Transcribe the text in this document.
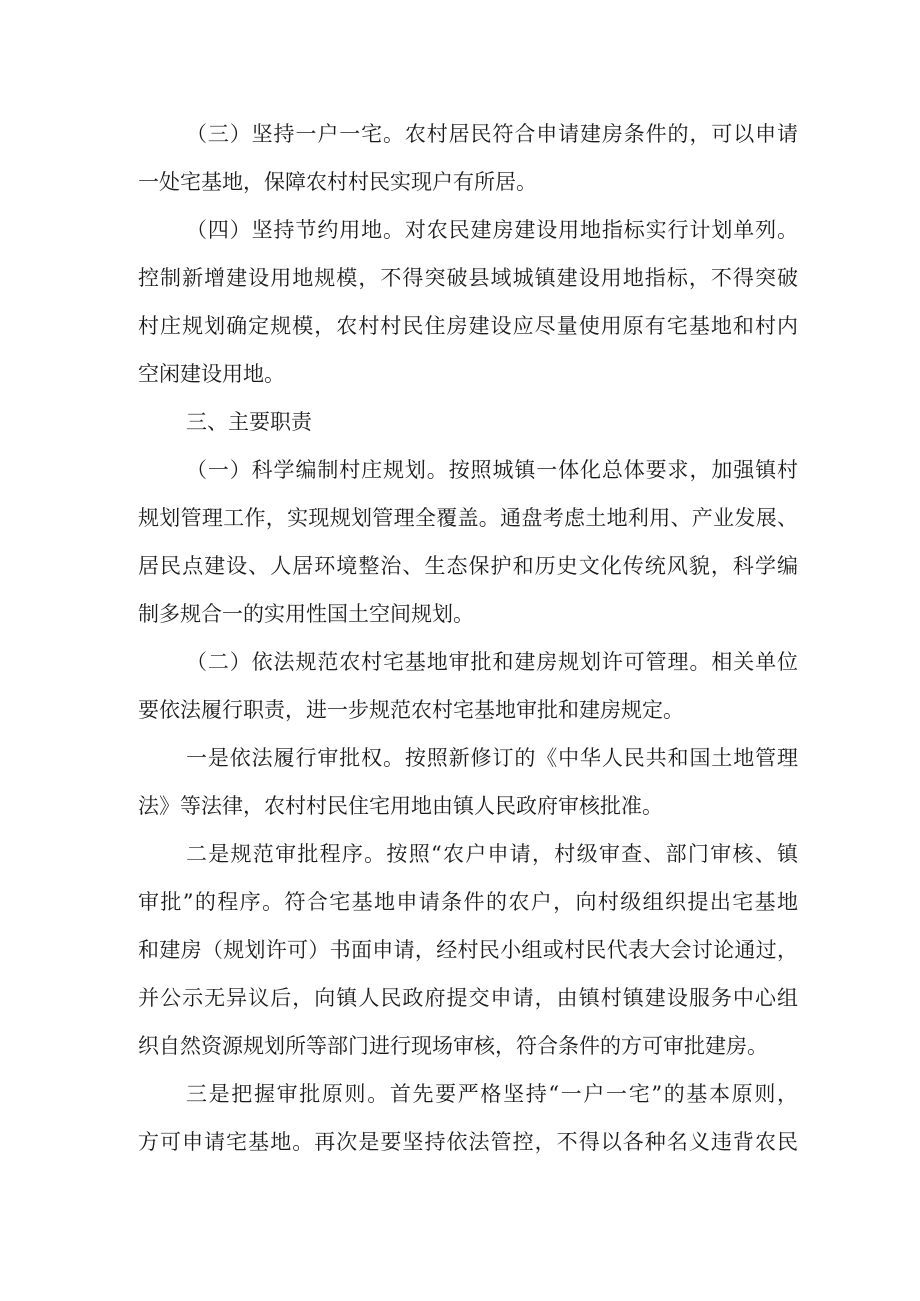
（三）坚持一户一宅。农村居民符合申请建房条件的，可以申请
一处宅基地，保障农村村民实现户有所居。
（四）坚持节约用地。对农民建房建设用地指标实行计划单列。
控制新增建设用地规模，不得突破县域城镇建设用地指标，不得突破
村庄规划确定规模，农村村民住房建设应尽量使用原有宅基地和村内
空闲建设用地。
三、主要职责
（一）科学编制村庄规划。按照城镇一体化总体要求，加强镇村
规划管理工作，实现规划管理全覆盖。通盘考虑土地利用、产业发展、
居民点建设、人居环境整治、生态保护和历史文化传统风貌，科学编
制多规合一的实用性国土空间规划。
（二）依法规范农村宅基地审批和建房规划许可管理。相关单位
要依法履行职责，进一步规范农村宅基地审批和建房规定。
一是依法履行审批权。按照新修订的《中华人民共和国土地管理
法》等法律，农村村民住宅用地由镇人民政府审核批准。
二是规范审批程序。按照“农户申请，村级审查、部门审核、镇
审批”的程序。符合宅基地申请条件的农户，向村级组织提出宅基地
和建房（规划许可）书面申请，经村民小组或村民代表大会讨论通过，
并公示无异议后，向镇人民政府提交申请，由镇村镇建设服务中心组
织自然资源规划所等部门进行现场审核，符合条件的方可审批建房。
三是把握审批原则。首先要严格坚持“一户一宅”的基本原则，
方可申请宅基地。再次是要坚持依法管控，不得以各种名义违背农民
